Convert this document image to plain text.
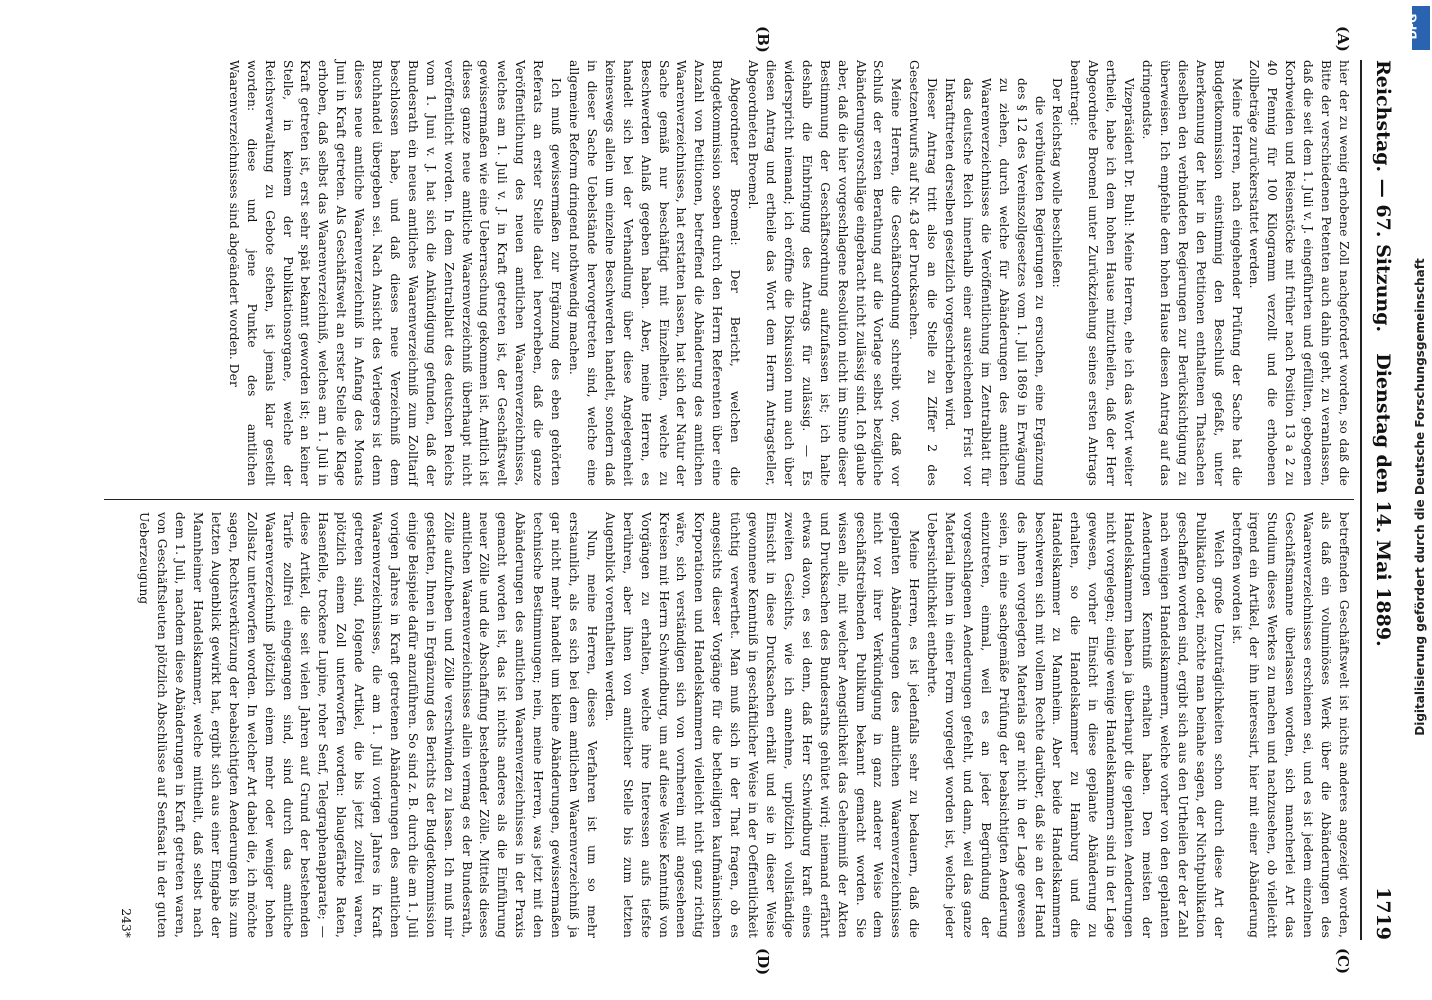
Reichstag. — 67. Sitzung.
Dienstag den 14. Mai 1889.
1719
(A)
(B)
(C)
(D)

hier der zu wenig erhobene Zoll nachgefordert worden, so daß die Bitte der verschiedenen Petenten auch dahin geht, zu veranlassen, daß die seit dem 1. Juli v. J. eingeführten und gefüllten, gebogenen Korbweiden und Reisenstöcke mit früher nach Position 13 a 2 zu 40 Pfennig für 100 Kilogramm verzollt und die erhobenen Zollbeträge zurückerstattet werden.

Meine Herren, nach eingehender Prüfung der Sache hat die Budgetkommission einstimmig den Beschluß gefaßt, unter Anerkennung der hier in den Petitionen enthaltenen Thatsachen dieselben den verbündeten Regierungen zur Berücksichtigung zu überweisen. Ich empfehle dem hohen Hause diesen Antrag auf das dringendste.

Vizepräsident Dr. Buhl: Meine Herren, ehe ich das Wort weiter ertheile, habe ich dem hohen Hause mitzutheilen, daß der Herr Abgeordnete Broemel unter Zurückziehung seines ersten Antrags beantragt:

Der Reichstag wolle beschließen:

die verbündeten Regierungen zu ersuchen, eine Ergänzung des § 12 des Vereinszollgesetzes vom 1. Juli 1869 in Erwägung zu ziehen, durch welche für Abänderungen des amtlichen Waarenverzeichnisses die Veröffentlichung im Zentralblatt für das deutsche Reich innerhalb einer ausreichenden Frist vor Inkrafttreten derselben gesetzlich vorgeschrieben wird.

Dieser Antrag tritt also an die Stelle zu Ziffer 2 des Gesetzentwurfs auf Nr. 43 der Drucksachen.

Meine Herren, die Geschäftsordnung schreibt vor, daß vor Schluß der ersten Berathung auf die Vorlage selbst bezügliche Abänderungsvorschläge eingebracht nicht zulässig sind. Ich glaube aber, daß die hier vorgeschlagene Resolution nicht im Sinne dieser Bestimmung der Geschäftsordnung aufzufassen ist; ich halte deshalb die Einbringung des Antrags für zulässig. — Es widerspricht niemand; ich eröffne die Diskussion nun auch über diesen Antrag und ertheile das Wort dem Herrn Antragsteller, Abgeordneten Broemel.

Abgeordneter Broemel: Der Bericht, welchen die Budgetkommission soeben durch den Herrn Referenten über eine Anzahl von Petitionen, betreffend die Abänderung des amtlichen Waarenverzeichnisses, hat erstatten lassen, hat sich der Natur der Sache gemäß nur beschäftigt mit Einzelheiten, welche zu Beschwerden Anlaß gegeben haben. Aber, meine Herren, es handelt sich bei der Verhandlung über diese Angelegenheit keineswegs allein um einzelne Beschwerden handelt, sondern daß in dieser Sache Uebelstände hervorgetreten sind, welche eine allgemeine Reform dringend nothwendig machen.

Ich muß gewissermaßen zur Ergänzung des eben gehörten Referats an erster Stelle dabei hervorheben, daß die ganze Veröffentlichung des neuen amtlichen Waarenverzeichnisses, welches am 1. Juli v. J. in Kraft getreten ist, der Geschäftswelt gewissermaßen wie eine Ueberraschung gekommen ist. Amtlich ist dieses ganze neue amtliche Waarenverzeichniß überhaupt nicht veröffentlicht worden. In dem Zentralblatt des deutschen Reichs vom 1. Juni v. J. hat sich die Ankündigung gefunden, daß der Bundesrath ein neues amtliches Waarenverzeichniß zum Zolltarif beschlossen habe, und daß dieses neue Verzeichniß dem Buchhandel übergeben sei. Nach Ansicht des Verlegers ist denn dieses neue amtliche Waarenverzeichniß in Anfang des Monats Juni in Kraft getreten. Als Geschäftswelt an erster Stelle die Klage erhoben, daß selbst das Waarenverzeichniß, welches am 1. Juli in Kraft getreten ist, erst sehr spät bekannt geworden ist; an keiner Stelle, in keinem der Publikationsorgane, welche der Reichsverwaltung zu Gebote stehen, ist jemals klar gestellt worden: diese und jene Punkte des amtlichen Waarenverzeichnisses sind abgeändert worden. Der

betreffenden Geschäftswelt ist nichts anderes angezeigt worden, als daß ein voluminöses Werk über die Abänderungen des Waarenverzeichnisses erschienen sei, und es ist jedem einzelnen Geschäftsmanne überlassen worden, sich mancherlei Art das Studium dieses Werkes zu machen und nachzusehen, ob vielleicht irgend ein Artikel, der ihn interessirt, hier mit einer Abänderung betroffen worden ist.

Welch große Unzuträglichkeiten schon durch diese Art der Publikation oder, möchte man beinahe sagen, der Nichtpublikation geschaffen worden sind, ergibt sich aus den Urtheilen der der Zahl nach wenigen Handelskammern, welche vorher von den geplanten Aenderungen Kenntniß erhalten haben. Den meisten der Handelskammern haben ja überhaupt die geplanten Aenderungen nicht vorgelegen; einige wenige Handelskammern sind in der Lage gewesen, vorher Einsicht in diese geplante Abänderung zu erhalten, so die Handelskammer zu Hamburg und die Handelskammer zu Mannheim. Aber beide Handelskammern beschweren sich mit vollem Rechte darüber, daß sie an der Hand des ihnen vorgelegten Materials gar nicht in der Lage gewesen seien, in eine sachgemäße Prüfung der beabsichtigten Aenderung einzutreten, einmal, weil es an jeder Begründung der vorgeschlagenen Aenderungen gefehlt, und dann, weil das ganze Material ihnen in einer Form vorgelegt worden ist, welche jeder Uebersichtlichkeit entbehrte.

Meine Herren, es ist jedenfalls sehr zu bedauern, daß die geplanten Abänderungen des amtlichen Waarenverzeichnisses nicht vor ihrer Verkündigung in ganz anderer Weise dem geschäftstreibenden Publikum bekannt gemacht worden. Sie wissen alle, mit welcher Aengstlichkeit das Geheimniß der Akten und Drucksachen des Bundesraths gehütet wird; niemand erfährt etwas davon, es sei denn, daß Herr Schwindburg kraft eines zweiten Gesichts, wie ich annehme, urplötzlich vollständige Einsicht in diese Drucksachen erhält und sie in dieser Weise gewonnene Kenntniß in geschäftlicher Weise in der Oeffentlichkeit tüchtig verwerthet. Man muß sich in der That fragen, ob es angesichts dieser Vorgänge für die betheiligten kaufmännischen Korporationen und Handelskammern vielleicht nicht ganz richtig wäre, sich verständigen sich von vornherein mit angesehenen Kreisen mit Herrn Schwindburg, um auf diese Weise Kenntniß von Vorgängen zu erhalten, welche ihre Interessen aufs tiefste berühren, aber ihnen von amtlicher Stelle bis zum letzten Augenblick vorenthalten werden.

Nun, meine Herren, dieses Verfahren ist um so mehr erstaunlich, als es sich bei dem amtlichen Waarenverzeichniß ja gar nicht mehr handelt um kleine Abänderungen, gewissermaßen technische Bestimmungen; nein, meine Herren, was jetzt mit den Abänderungen des amtlichen Waarenverzeichnisses in der Praxis gemacht worden ist, das ist nichts anderes als die Einführung neuer Zölle und die Abschaffung bestehender Zölle. Mittels dieses amtlichen Waarenverzeichnisses allein vermag es der Bundesrath, Zölle aufzuheben und Zölle verschwinden zu lassen. Ich muß mir gestatten, Ihnen in Ergänzung des Berichts der Budgetkommission einige Beispiele dafür anzuführen. So sind z. B. durch die am 1. Juli vorigen Jahres in Kraft getretenen Abänderungen des amtlichen Waarenverzeichnisses, die am 1. Juli vorigen Jahres in Kraft getreten sind, folgende Artikel, die bis jetzt zollfrei waren, plötzlich einem Zoll unterworfen worden: blaugefärbte Raten, Hasenfelle, trockene Lupine, roher Senf, Telegraphenapparate; — diese Artikel, die seit vielen Jahren auf Grund der bestehenden Tarife zollfrei eingegangen sind, sind durch das amtliche Waarenverzeichniß plötzlich einem mehr oder weniger hohen Zollsatz unterworfen worden. In welcher Art dabei die, ich möchte sagen, Rechtsverkürzung der beabsichtigten Aenderungen bis zum letzten Augenblick gewirkt hat, ergibt sich aus einer Eingabe der Mannheimer Handelskammer, welche mittheilt, daß selbst nach dem 1. Juli, nachdem diese Abänderungen in Kraft getreten waren, von Geschäftsleuten plötzlich Abschlüsse auf Senfsaat in der guten Ueberzeugung

243*

DFG
Digitalisierung gefördert durch die Deutsche Forschungsgemeinschaft
